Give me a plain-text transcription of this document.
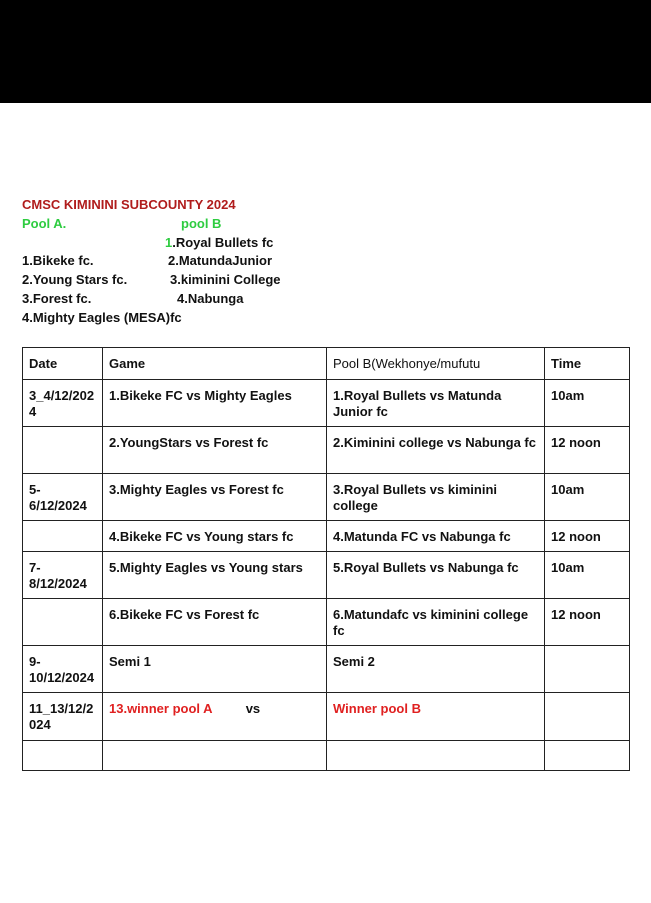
CMSC KIMININI SUBCOUNTY 2024
Pool A.	pool B
1.Royal Bullets fc
1.Bikeke fc.	2.MatundaJunior
2.Young Stars fc.	3.kiminini College
3.Forest fc.	4.Nabunga
4.Mighty Eagles (MESA)fc
Date	Game	Pool B(Wekhonye/mufutu	Time
3_4/12/2024	1.Bikeke FC vs Mighty Eagles	1.Royal Bullets vs Matunda Junior fc	10am
	2.YoungStars vs Forest fc	2.Kiminini college vs Nabunga fc	12 noon
5-6/12/2024	3.Mighty Eagles vs Forest fc	3.Royal Bullets vs kiminini college	10am
	4.Bikeke FC vs Young stars fc	4.Matunda FC vs Nabunga fc	12 noon
7-8/12/2024	5.Mighty Eagles vs Young stars	5.Royal Bullets vs Nabunga fc	10am
	6.Bikeke FC vs Forest fc	6.Matundafc vs kiminini college fc	12 noon
9-10/12/2024	Semi 1	Semi 2	
11_13/12/2024	13.winner pool A vs	Winner pool B	
